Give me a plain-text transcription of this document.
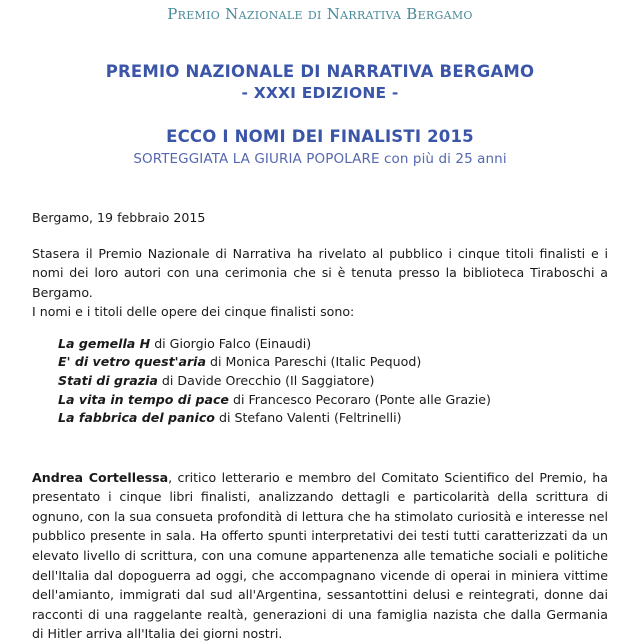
Premio Nazionale di Narrativa Bergamo
PREMIO NAZIONALE DI NARRATIVA BERGAMO
- XXXI EDIZIONE -
ECCO I NOMI DEI FINALISTI 2015
SORTEGGIATA LA GIURIA POPOLARE con più di 25 anni
Bergamo, 19 febbraio 2015
Stasera il Premio Nazionale di Narrativa ha rivelato al pubblico i cinque titoli finalisti e i nomi dei loro autori con una cerimonia che si è tenuta presso la biblioteca Tiraboschi a Bergamo.
I nomi e i titoli delle opere dei cinque finalisti sono:
La gemella H di Giorgio Falco (Einaudi)
E' di vetro quest'aria di Monica Pareschi (Italic Pequod)
Stati di grazia di Davide Orecchio (Il Saggiatore)
La vita in tempo di pace di Francesco Pecoraro (Ponte alle Grazie)
La fabbrica del panico di Stefano Valenti (Feltrinelli)
Andrea Cortellessa, critico letterario e membro del Comitato Scientifico del Premio, ha presentato i cinque libri finalisti, analizzando dettagli e particolarità della scrittura di ognuno, con la sua consueta profondità di lettura che ha stimolato curiosità e interesse nel pubblico presente in sala. Ha offerto spunti interpretativi dei testi tutti caratterizzati da un elevato livello di scrittura, con una comune appartenenza alle tematiche sociali e politiche dell'Italia dal dopoguerra ad oggi, che accompagnano vicende di operai in miniera vittime dell'amianto, immigrati dal sud all'Argentina, sessantottini delusi e reintegrati, donne dai racconti di una raggelante realtà, generazioni di una famiglia nazista che dalla Germania di Hitler arriva all'Italia dei giorni nostri.
